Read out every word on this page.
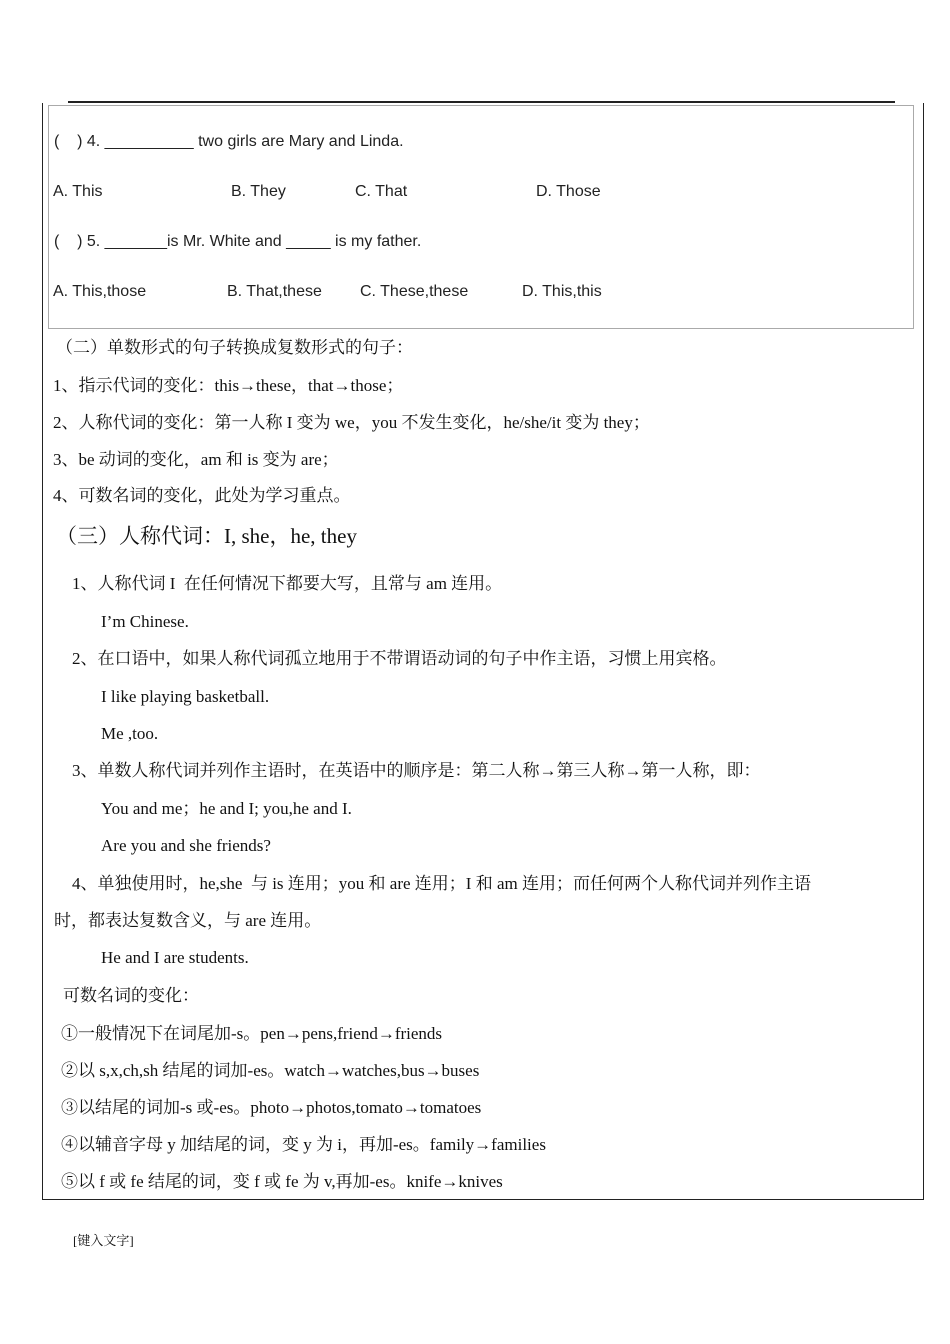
(    ) 4. __________ two girls are Mary and Linda.
A. This	B. They	C. That	D. Those
(    ) 5. _______is Mr. White and _____ is my father.
A. This,those	B. That,these C. These,these	D. This,this
（二）单数形式的句子转换成复数形式的句子：
1、指示代词的变化：this→these，that→those；
2、人称代词的变化：第一人称 I 变为 we，you 不发生变化，he/she/it 变为 they；
3、be 动词的变化，am 和 is 变为 are；
4、可数名词的变化，此处为学习重点。
（三）人称代词：I, she，he, they
1、人称代词 I  在任何情况下都要大写，且常与 am 连用。
I’m Chinese.
2、在口语中，如果人称代词孤立地用于不带谓语动词的句子中作主语，习惯上用宾格。
I like playing basketball.
Me ,too.
3、单数人称代词并列作主语时，在英语中的顺序是：第二人称→第三人称→第一人称，即：
You and me；he and I; you,he and I.
Are you and she friends?
4、单独使用时，he,she  与 is 连用；you 和 are 连用；I 和 am 连用；而任何两个人称代词并列作主语
时，都表达复数含义，与 are 连用。
He and I are students.
可数名词的变化：
①一般情况下在词尾加-s。pen→pens,friend→friends
②以 s,x,ch,sh 结尾的词加-es。watch→watches,bus→buses
③以结尾的词加-s 或-es。photo→photos,tomato→tomatoes
④以辅音字母 y 加结尾的词，变 y 为 i，再加-es。family→families
⑤以 f 或 fe 结尾的词，变 f 或 fe 为 v,再加-es。knife→knives
[键入文字]
